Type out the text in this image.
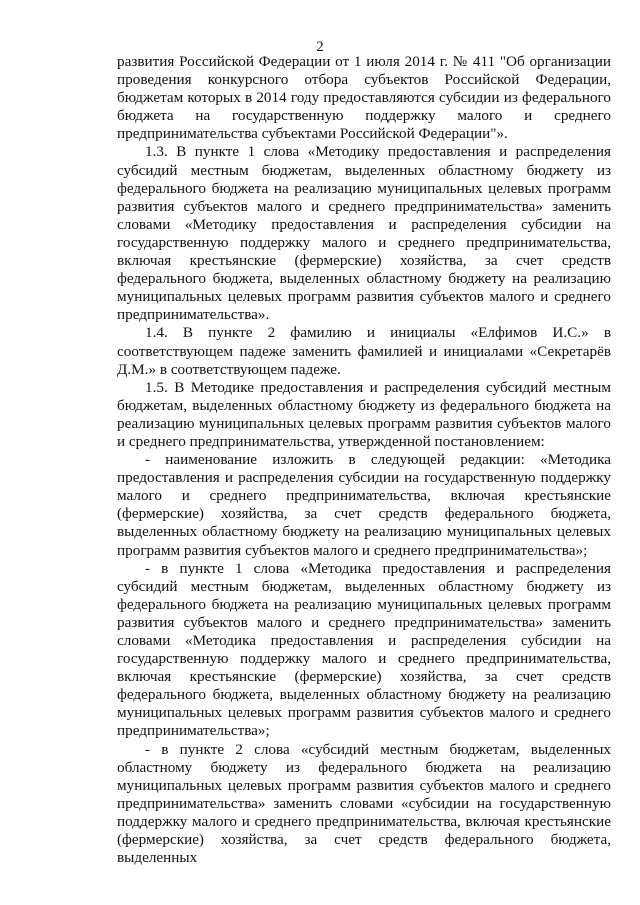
2

развития Российской Федерации от 1 июля 2014 г. № 411 "Об организации проведения конкурсного отбора субъектов Российской Федерации, бюджетам которых в 2014 году предоставляются субсидии из федерального бюджета на государственную поддержку малого и среднего предпринимательства субъектами Российской Федерации"».

1.3. В пункте 1 слова «Методику предоставления и распределения субсидий местным бюджетам, выделенных областному бюджету из федерального бюджета на реализацию муниципальных целевых программ развития субъектов малого и среднего предпринимательства» заменить словами «Методику предоставления и распределения субсидии на государственную поддержку малого и среднего предпринимательства, включая крестьянские (фермерские) хозяйства, за счет средств федерального бюджета, выделенных областному бюджету на реализацию муниципальных целевых программ развития субъектов малого и среднего предпринимательства».

1.4. В пункте 2 фамилию и инициалы «Елфимов И.С.» в соответствующем падеже заменить фамилией и инициалами «Секретарёв Д.М.» в соответствующем падеже.

1.5. В Методике предоставления и распределения субсидий местным бюджетам, выделенных областному бюджету из федерального бюджета на реализацию муниципальных целевых программ развития субъектов малого и среднего предпринимательства, утвержденной постановлением:

- наименование изложить в следующей редакции: «Методика предоставления и распределения субсидии на государственную поддержку малого и среднего предпринимательства, включая крестьянские (фермерские) хозяйства, за счет средств федерального бюджета, выделенных областному бюджету на реализацию муниципальных целевых программ развития субъектов малого и среднего предпринимательства»;

- в пункте 1 слова «Методика предоставления и распределения субсидий местным бюджетам, выделенных областному бюджету из федерального бюджета на реализацию муниципальных целевых программ развития субъектов малого и среднего предпринимательства» заменить словами «Методика предоставления и распределения субсидии на государственную поддержку малого и среднего предпринимательства, включая крестьянские (фермерские) хозяйства, за счет средств федерального бюджета, выделенных областному бюджету на реализацию муниципальных целевых программ развития субъектов малого и среднего предпринимательства»;

- в пункте 2 слова «субсидий местным бюджетам, выделенных областному бюджету из федерального бюджета на реализацию муниципальных целевых программ развития субъектов малого и среднего предпринимательства» заменить словами «субсидии на государственную поддержку малого и среднего предпринимательства, включая крестьянские (фермерские) хозяйства, за счет средств федерального бюджета, выделенных
